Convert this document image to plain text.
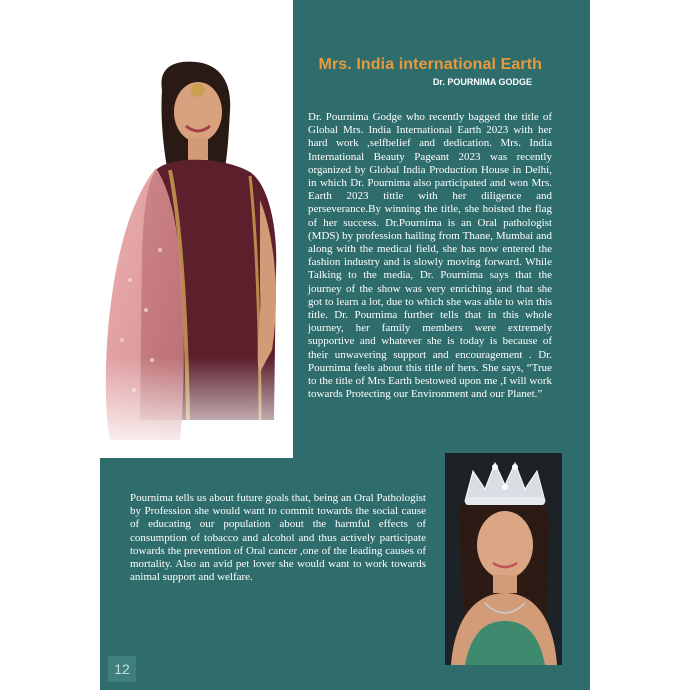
Mrs. India international Earth
Dr. POURNIMA GODGE

Dr. Pournima Godge who recently bagged the title of Global Mrs. India International Earth 2023 with her hard work ,selfbelief and dedication. Mrs. India International Beauty Pageant 2023 was recently organized by Global India Production House in Delhi, in which Dr. Pournima also participated and won Mrs. Earth 2023 tittle with her diligence and perseverance.By winning the title, she hoisted the flag of her success. Dr.Pournima is an Oral pathologist (MDS) by profession hailing from Thane, Mumbai and along with the medical field, she has now entered the fashion industry and is slowly moving forward. While Talking to the media, Dr. Pournima says that the journey of the show was very enriching and that she got to learn a lot, due to which she was able to win this title. Dr. Pournima further tells that in this whole journey, her family members were extremely supportive and whatever she is today is because of their unwavering support and encouragement . Dr. Pournima feels about this title of hers. She says, “True to the title of Mrs Earth bestowed upon me ,I will work towards Protecting our Environment and our Planet.”

Pournima tells us about future goals that, being an Oral Pathologist by Profession she would want to commit towards the social cause of educating our population about the harmful effects of consumption of tobacco and alcohol and thus actively participate towards the prevention of Oral cancer ,one of the leading causes of mortality. Also an avid pet lover she would want to work towards animal support and welfare.

12
